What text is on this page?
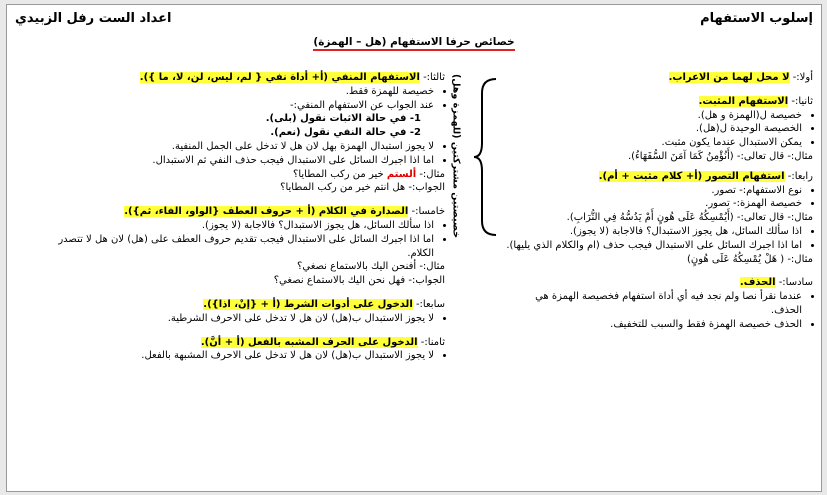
إسلوب الاستفهام
اعداد الست رفل الزبيدي
خصائص حرفا الاستفهام (هل – الهمزة)

أولا:- لا محل لهما من الاعراب.

ثانيا:- الاستفهام المثبت.

• خصيصة ل(الهمزة و هل).
• الخصيصة الوحيدة ل(هل).
• يمكن الاستبدال عندما يكون مثبت.

مثال:- قال تعالى:- (أَنُؤْمِنُ كَمَا آمَنَ السُّفَهَاءُ).

رابعا:- استفهام التصور (أ+ كلام مثبت + أم).

• نوع الاستفهام:- تصور.
• خصيصة الهمزة:- تصور.

مثال:- قال تعالى:- (أَيُمْسِكُهُ عَلَى هُونٍ أَمْ يَدُسُّهُ فِي التُّرَابِ).

• اذا سألك السائل، هل يجوز الاستبدال؟ فالاجابة (لا يجوز).
• اما اذا اجبرك السائل على الاستبدال فيجب حذف (ام والكلام الذي يليها).

مثال:- ( هَلْ يُمْسِكُهُ عَلَى هُونٍ)

سادسا:- الحذف.

• عندما نقرأ نصا ولم نجد فيه أي أداة استفهام فخصيصة الهمزة هي الحذف.
• الحذف خصيصة الهمزة فقط والسبب للتخفيف.
خصيصتين مشتركتين (للهمزة وهل)

ثالثا:- الاستفهام المنفي (أ+ أداة نفي { لم، ليس، لن، لا، ما }).

• خصيصة للهمزة فقط.
• عند الجواب عن الاستفهام المنفي:-

1- في حالة الاثبات نقول (بلى).

2- في حالة النفي نقول (نعم).

• لا يجوز استبدال الهمزة بهل لان هل لا تدخل على الجمل المنفية.
• اما اذا اجبرك السائل على الاستبدال فيجب حذف النفي ثم الاستبدال.

مثال:- ألستم خير من ركب المطايا؟

الجواب:- هل انتم خير من ركب المطايا؟

خامسا:- الصدارة في الكلام (أ + حروف العطف {الواو، الفاء، ثم}).

• اذا سألك السائل، هل يجوز الاستبدال؟ فالاجابة (لا يجوز).
• اما اذا اجبرك السائل على الاستبدال فيجب تقديم حروف العطف على (هل) لان هل لا تتصدر الكلام.

مثال:- أفنحن اليك بالاستماع نصغي؟

الجواب:- فهل نحن اليك بالاستماع نصغي؟

سابعا:- الدخول على أدوات الشرط (أ + {إنْ، اذا}).

• لا يجوز الاستبدال ب(هل) لان هل لا تدخل على الاحرف الشرطية.

ثامنا:- الدخول على الحرف المشبه بالفعل (أ + أنَّ).

• لا يجوز الاستبدال ب(هل) لان هل لا تدخل على الاحرف المشبهة بالفعل.
